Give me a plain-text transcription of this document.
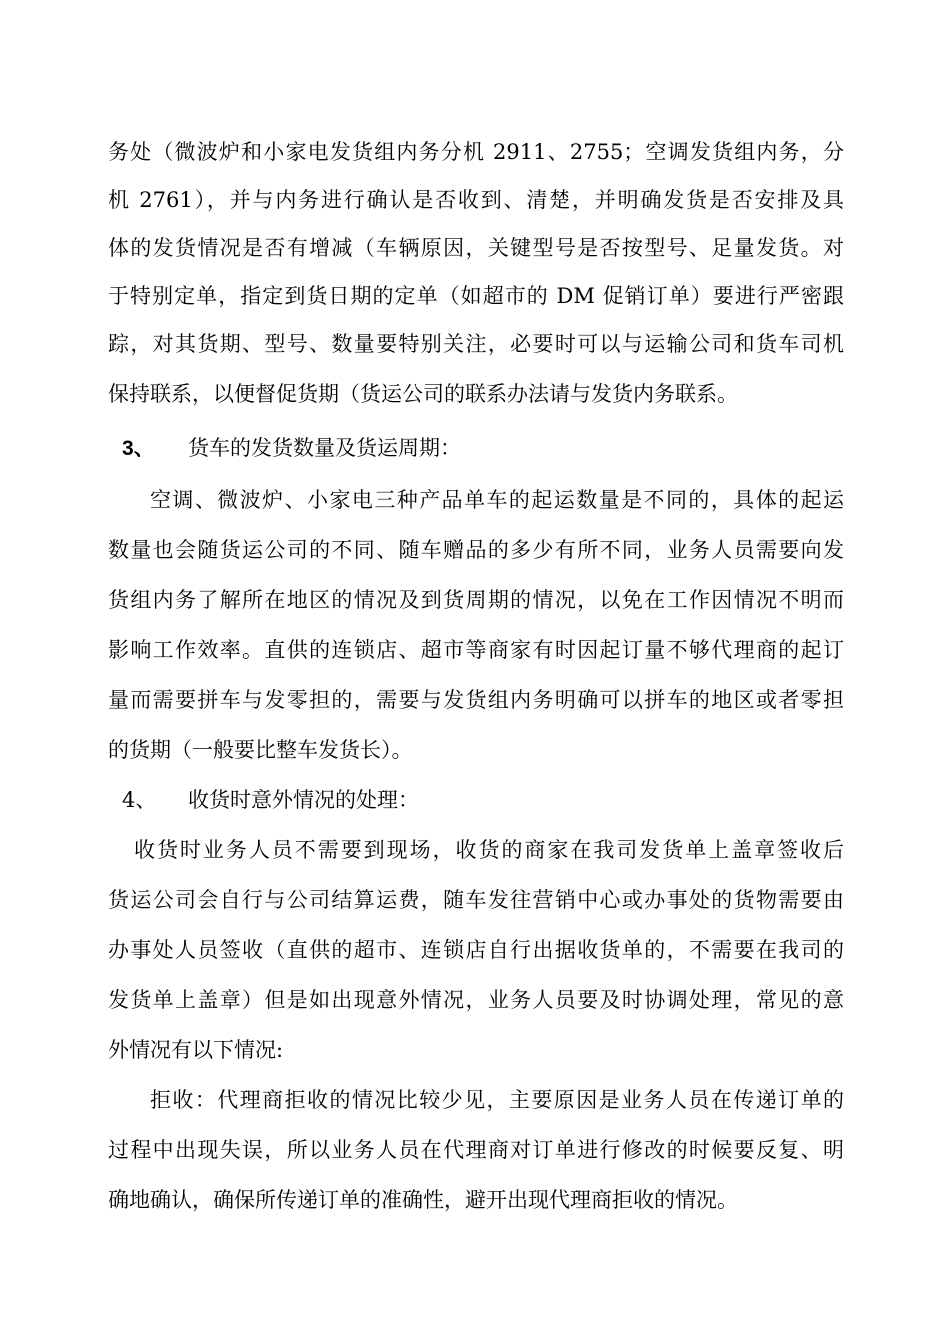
务处（微波炉和小家电发货组内务分机 2911、2755；空调发货组内务，分
机 2761），并与内务进行确认是否收到、清楚，并明确发货是否安排及具
体的发货情况是否有增减（车辆原因，关键型号是否按型号、足量发货。对
于特别定单，指定到货日期的定单（如超市的 DM 促销订单）要进行严密跟
踪，对其货期、型号、数量要特别关注，必要时可以与运输公司和货车司机
保持联系，以便督促货期（货运公司的联系办法请与发货内务联系。
3、 货车的发货数量及货运周期：
空调、微波炉、小家电三种产品单车的起运数量是不同的，具体的起运
数量也会随货运公司的不同、随车赠品的多少有所不同，业务人员需要向发
货组内务了解所在地区的情况及到货周期的情况，以免在工作因情况不明而
影响工作效率。直供的连锁店、超市等商家有时因起订量不够代理商的起订
量而需要拼车与发零担的，需要与发货组内务明确可以拼车的地区或者零担
的货期（一般要比整车发货长）。
4、 收货时意外情况的处理：
收货时业务人员不需要到现场，收货的商家在我司发货单上盖章签收后
货运公司会自行与公司结算运费，随车发往营销中心或办事处的货物需要由
办事处人员签收（直供的超市、连锁店自行出据收货单的，不需要在我司的
发货单上盖章）但是如出现意外情况，业务人员要及时协调处理，常见的意
外情况有以下情况:
拒收：代理商拒收的情况比较少见，主要原因是业务人员在传递订单的
过程中出现失误，所以业务人员在代理商对订单进行修改的时候要反复、明
确地确认，确保所传递订单的准确性，避开出现代理商拒收的情况。
